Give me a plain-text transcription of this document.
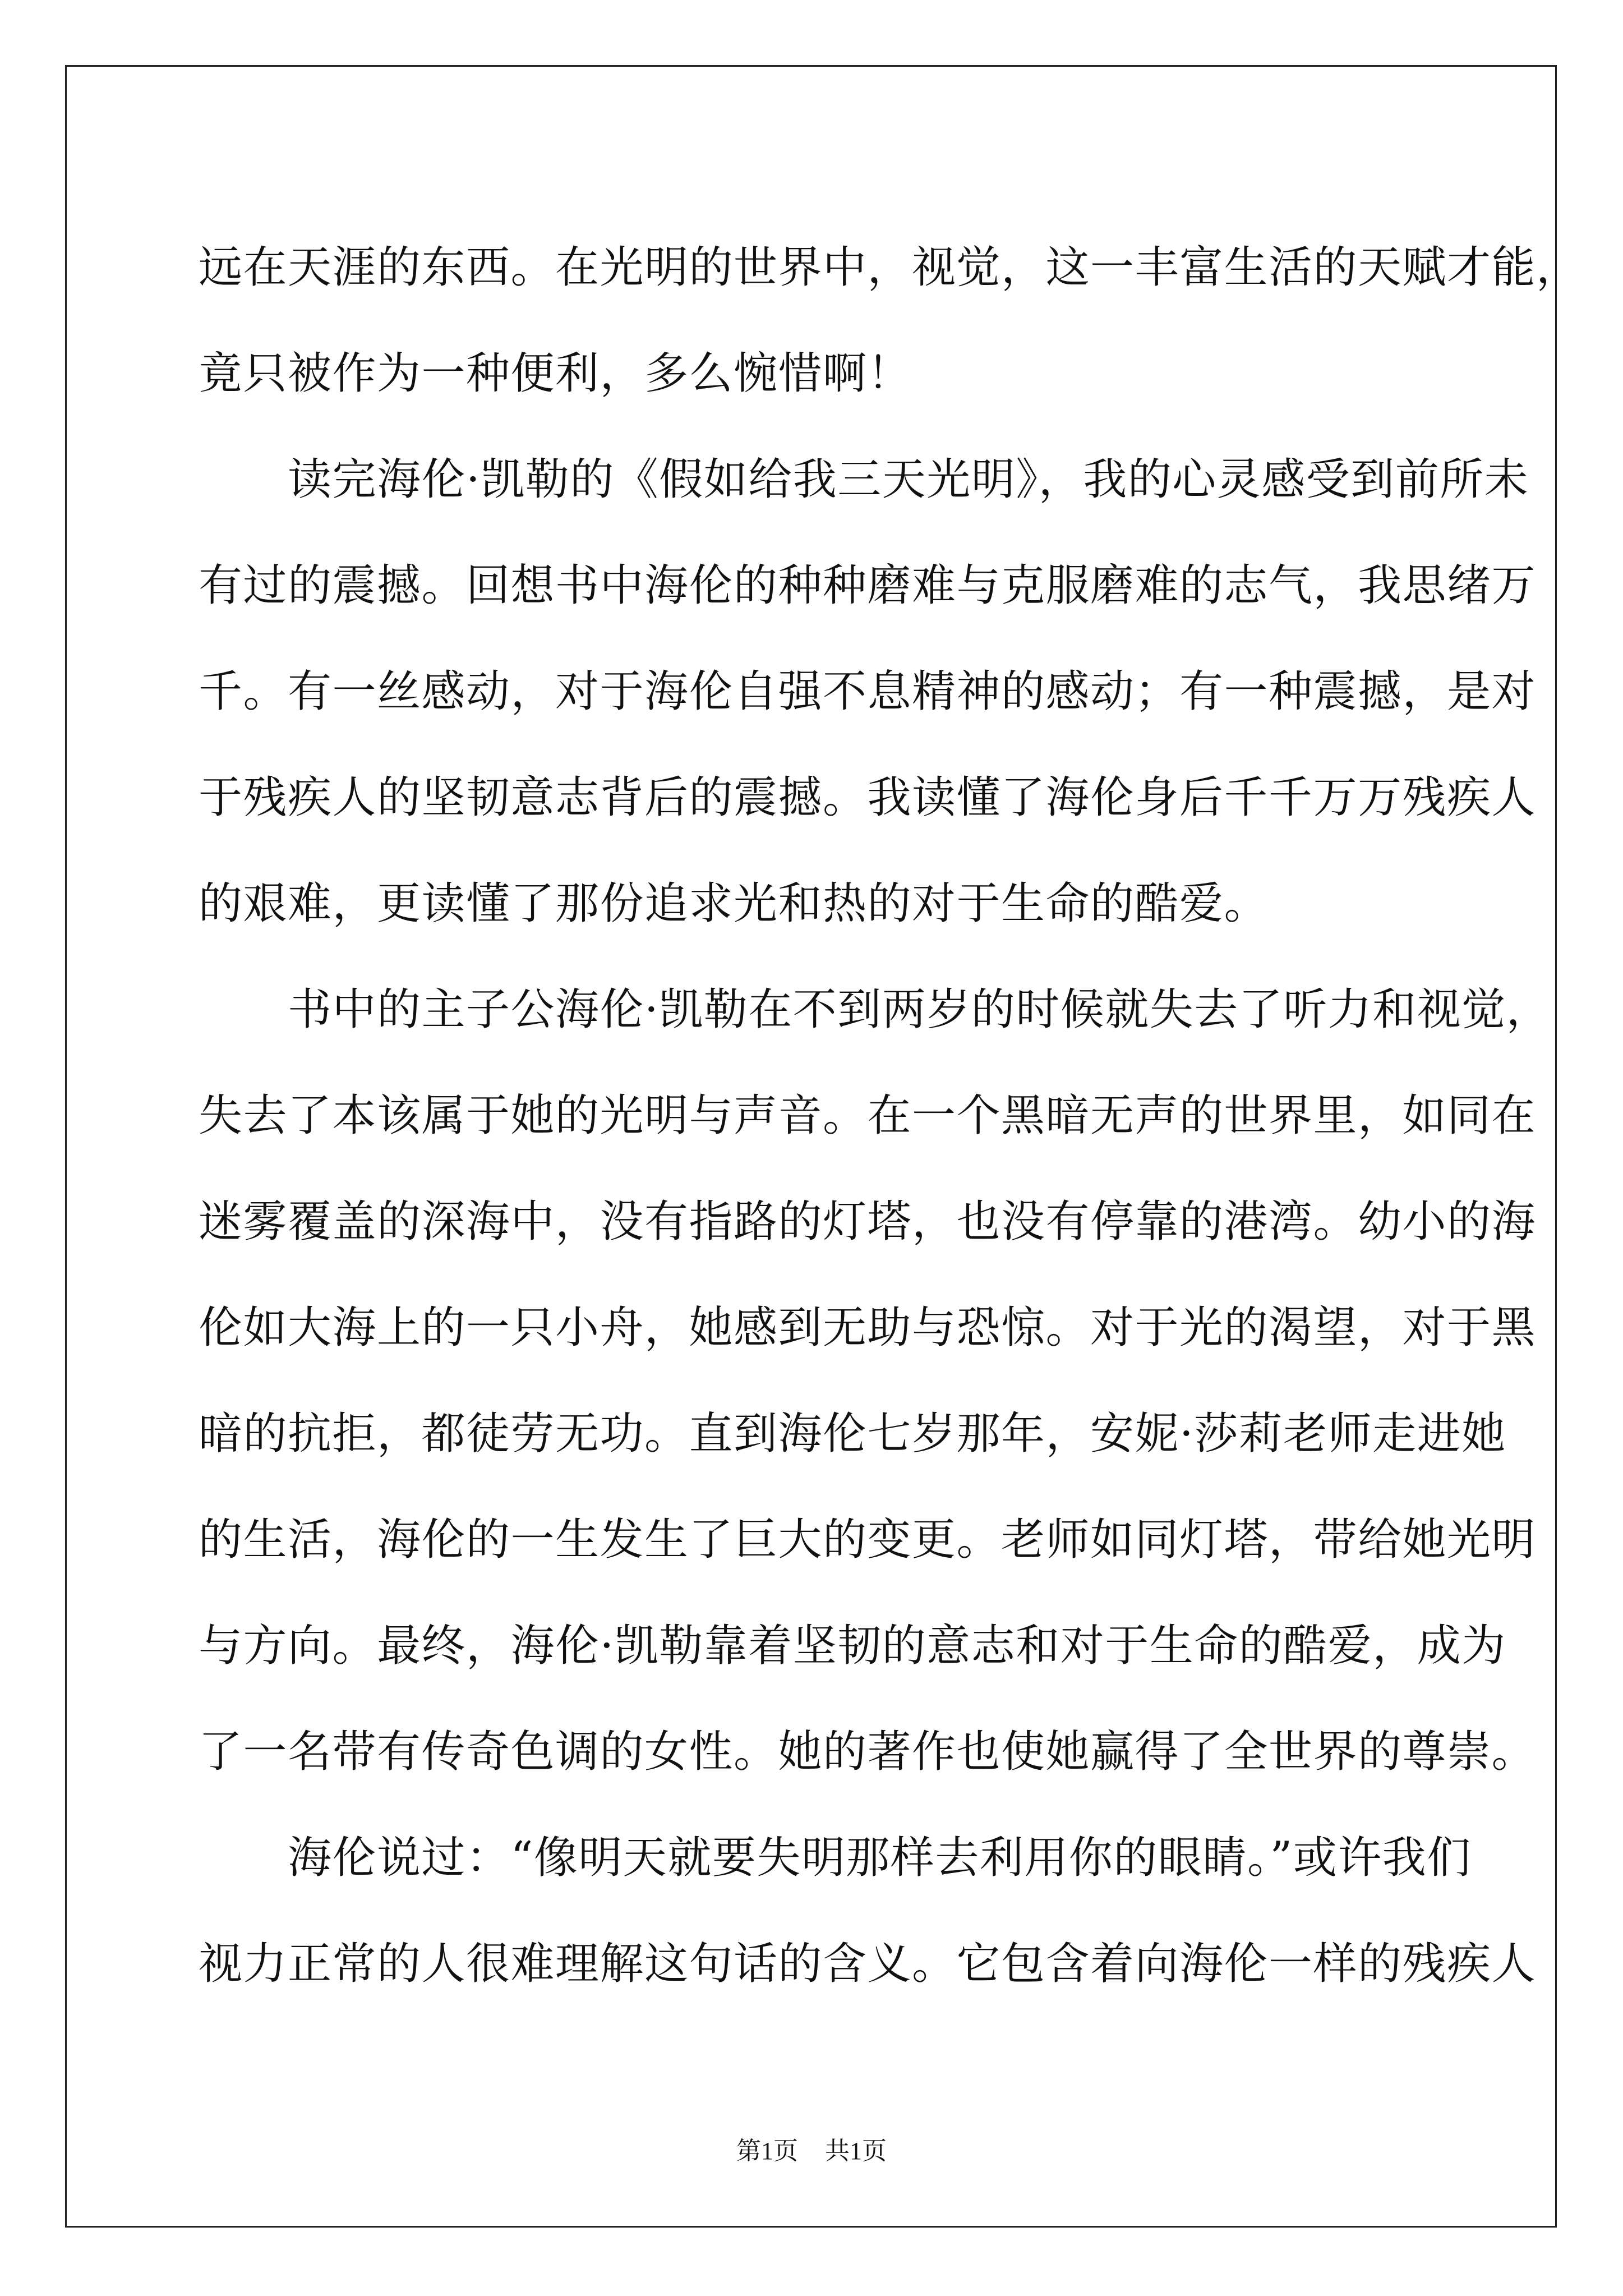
远在天涯的东西。在光明的世界中，视觉，这一丰富生活的天赋才能，
竟只被作为一种便利，多么惋惜啊！
　　读完海伦·凯勒的《假如给我三天光明》，我的心灵感受到前所未
有过的震撼。回想书中海伦的种种磨难与克服磨难的志气，我思绪万
千。有一丝感动，对于海伦自强不息精神的感动；有一种震撼，是对
于残疾人的坚韧意志背后的震撼。我读懂了海伦身后千千万万残疾人
的艰难，更读懂了那份追求光和热的对于生命的酷爱。
　　书中的主子公海伦·凯勒在不到两岁的时候就失去了听力和视觉，
失去了本该属于她的光明与声音。在一个黑暗无声的世界里，如同在
迷雾覆盖的深海中，没有指路的灯塔，也没有停靠的港湾。幼小的海
伦如大海上的一只小舟，她感到无助与恐惊。对于光的渴望，对于黑
暗的抗拒，都徒劳无功。直到海伦七岁那年，安妮·莎莉老师走进她
的生活，海伦的一生发生了巨大的变更。老师如同灯塔，带给她光明
与方向。最终，海伦·凯勒靠着坚韧的意志和对于生命的酷爱，成为
了一名带有传奇色调的女性。她的著作也使她赢得了全世界的尊崇。
　　海伦说过：“像明天就要失明那样去利用你的眼睛。”或许我们
视力正常的人很难理解这句话的含义。它包含着向海伦一样的残疾人
第1页 共1页
